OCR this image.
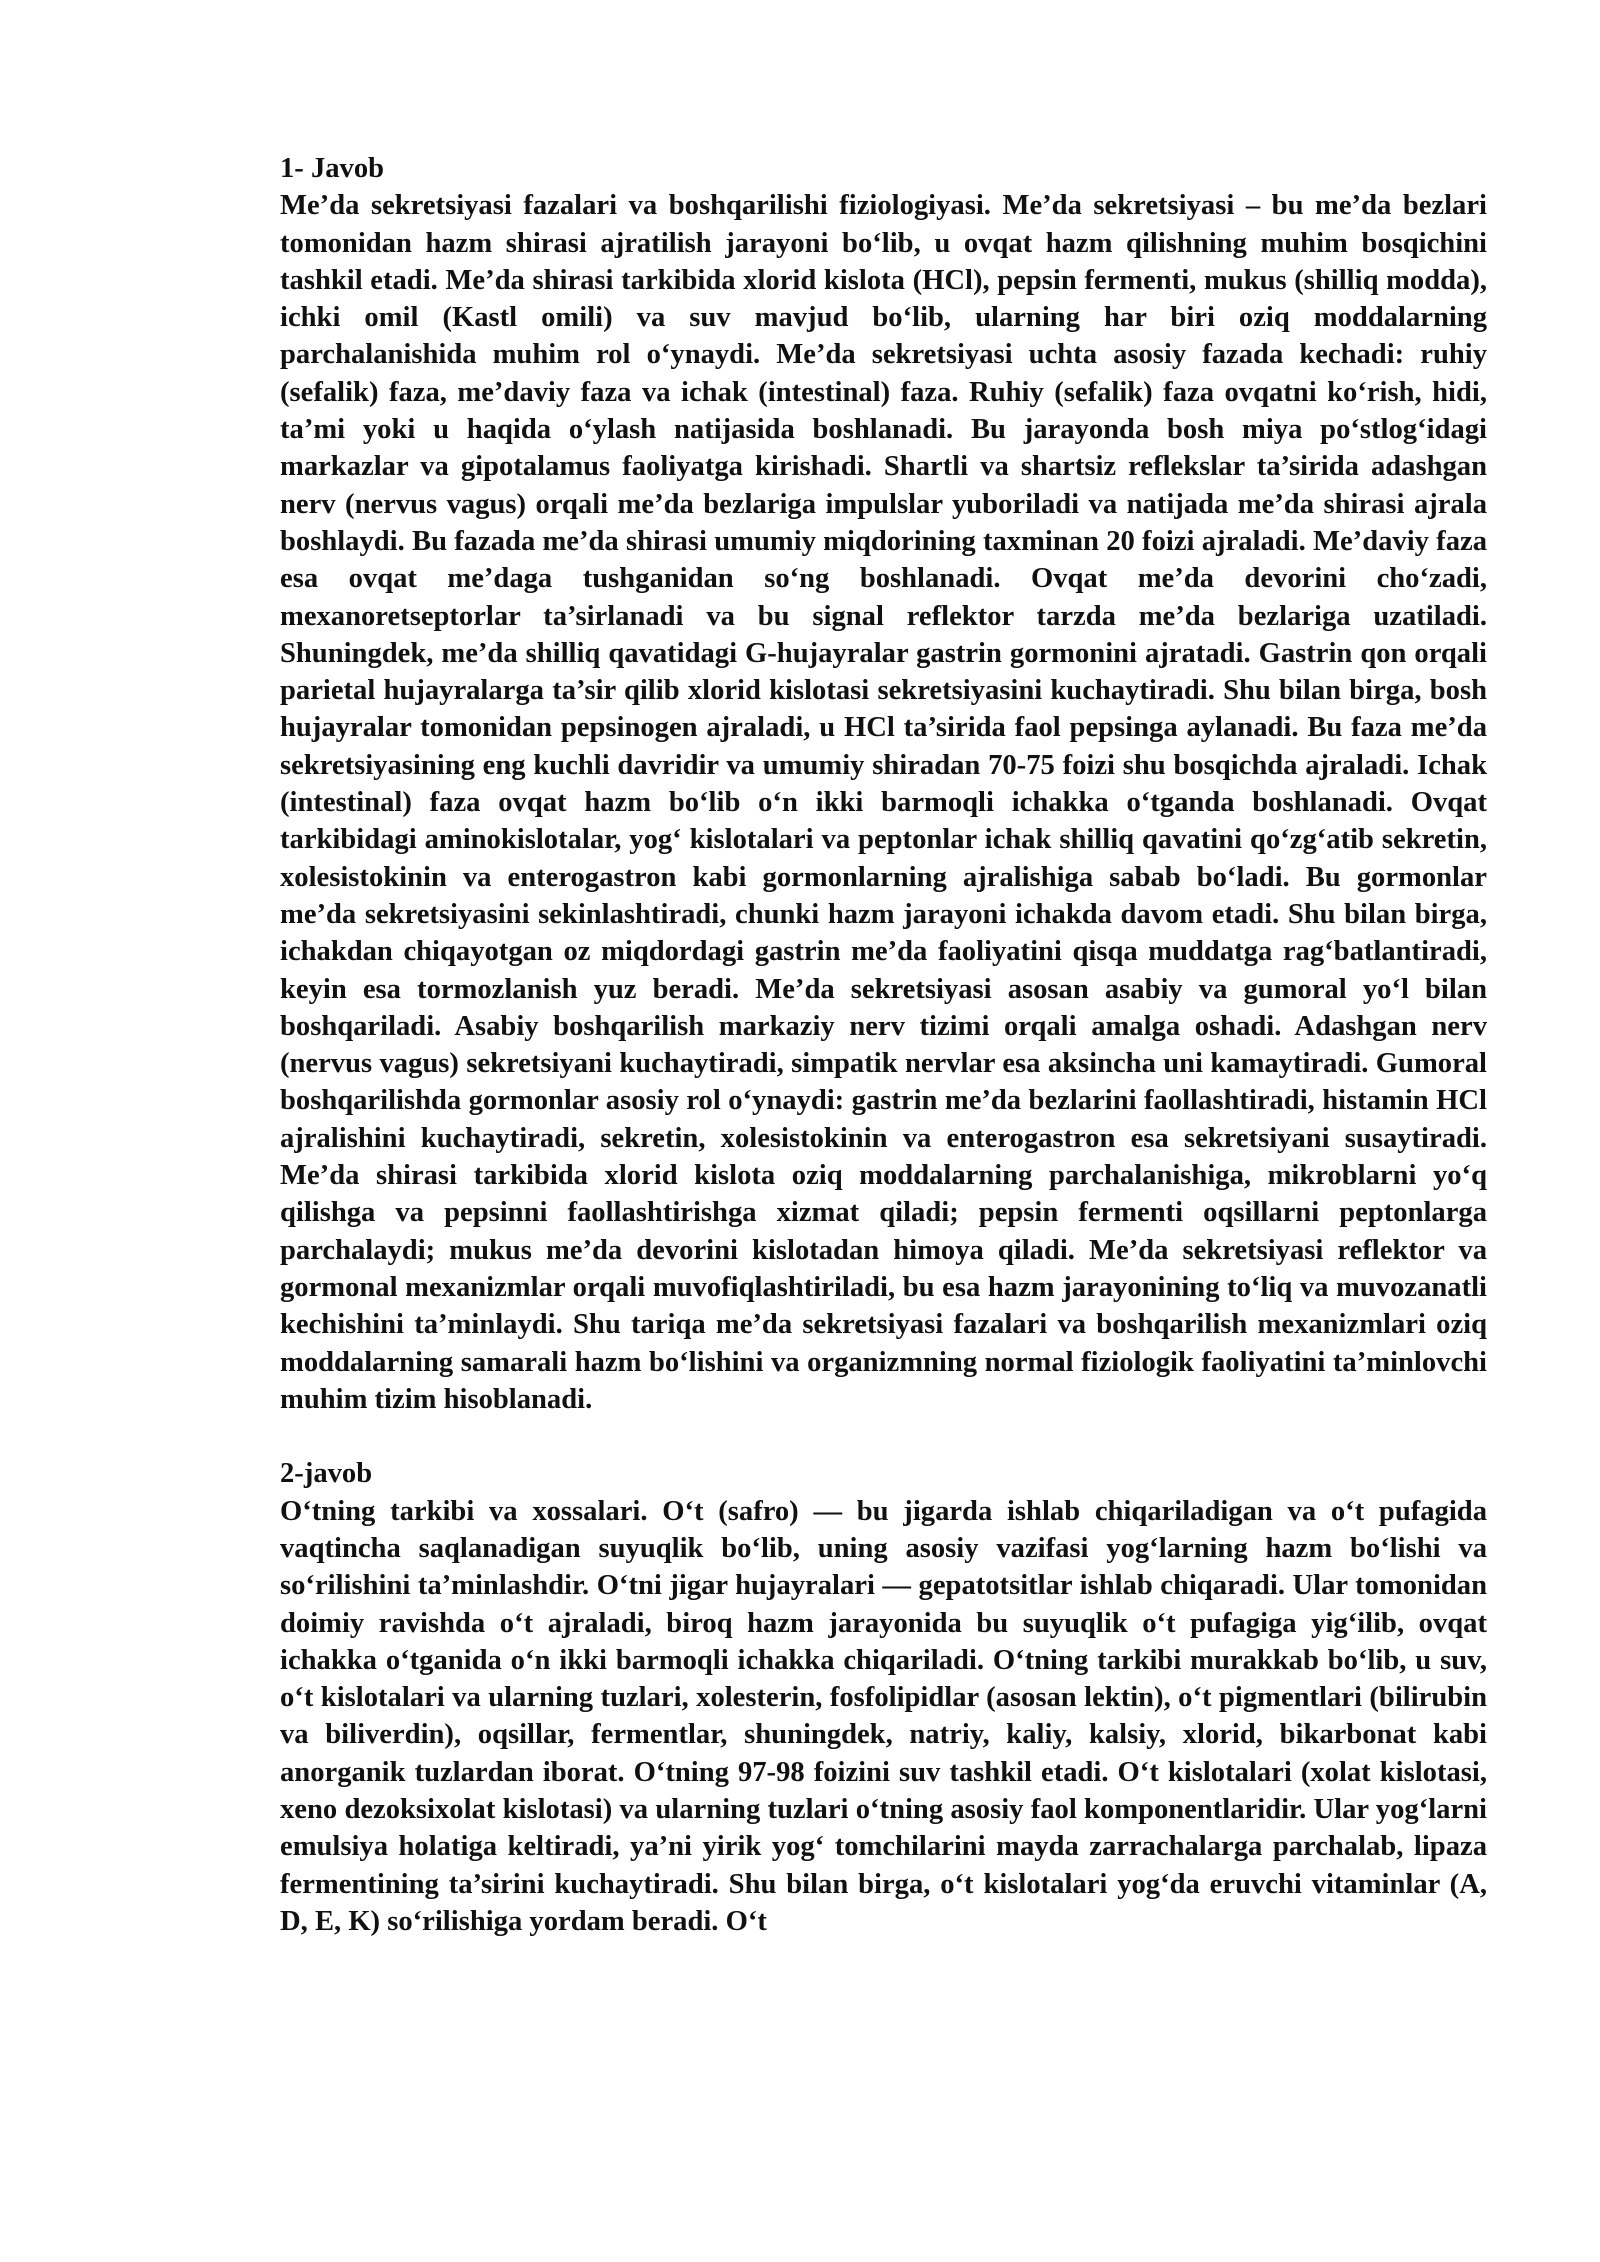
1- Javob

Me’da sekretsiyasi fazalari va boshqarilishi fiziologiyasi. Me’da sekretsiyasi – bu me’da bezlari tomonidan hazm shirasi ajratilish jarayoni bo‘lib, u ovqat hazm qilishning muhim bosqichini tashkil etadi. Me’da shirasi tarkibida xlorid kislota (HCl), pepsin fermenti, mukus (shilliq modda), ichki omil (Kastl omili) va suv mavjud bo‘lib, ularning har biri oziq moddalarning parchalanishida muhim rol o‘ynaydi. Me’da sekretsiyasi uchta asosiy fazada kechadi: ruhiy (sefalik) faza, me’daviy faza va ichak (intestinal) faza. Ruhiy (sefalik) faza ovqatni ko‘rish, hidi, ta’mi yoki u haqida o‘ylash natijasida boshlanadi. Bu jarayonda bosh miya po‘stlog‘idagi markazlar va gipotalamus faoliyatga kirishadi. Shartli va shartsiz reflekslar ta’sirida adashgan nerv (nervus vagus) orqali me’da bezlariga impulslar yuboriladi va natijada me’da shirasi ajrala boshlaydi. Bu fazada me’da shirasi umumiy miqdorining taxminan 20 foizi ajraladi. Me’daviy faza esa ovqat me’daga tushganidan so‘ng boshlanadi. Ovqat me’da devorini cho‘zadi, mexanoretseptorlar ta’sirlanadi va bu signal reflektor tarzda me’da bezlariga uzatiladi. Shuningdek, me’da shilliq qavatidagi G-hujayralar gastrin gormonini ajratadi. Gastrin qon orqali parietal hujayralarga ta’sir qilib xlorid kislotasi sekretsiyasini kuchaytiradi. Shu bilan birga, bosh hujayralar tomonidan pepsinogen ajraladi, u HCl ta’sirida faol pepsinga aylanadi. Bu faza me’da sekretsiyasining eng kuchli davridir va umumiy shiradan 70-75 foizi shu bosqichda ajraladi. Ichak (intestinal) faza ovqat hazm bo‘lib o‘n ikki barmoqli ichakka o‘tganda boshlanadi. Ovqat tarkibidagi aminokislotalar, yog‘ kislotalari va peptonlar ichak shilliq qavatini qo‘zg‘atib sekretin, xolesistokinin va enterogastron kabi gormonlarning ajralishiga sabab bo‘ladi. Bu gormonlar me’da sekretsiyasini sekinlashtiradi, chunki hazm jarayoni ichakda davom etadi. Shu bilan birga, ichakdan chiqayotgan oz miqdordagi gastrin me’da faoliyatini qisqa muddatga rag‘batlantiradi, keyin esa tormozlanish yuz beradi. Me’da sekretsiyasi asosan asabiy va gumoral yo‘l bilan boshqariladi. Asabiy boshqarilish markaziy nerv tizimi orqali amalga oshadi. Adashgan nerv (nervus vagus) sekretsiyani kuchaytiradi, simpatik nervlar esa aksincha uni kamaytiradi. Gumoral boshqarilishda gormonlar asosiy rol o‘ynaydi: gastrin me’da bezlarini faollashtiradi, histamin HCl ajralishini kuchaytiradi, sekretin, xolesistokinin va enterogastron esa sekretsiyani susaytiradi. Me’da shirasi tarkibida xlorid kislota oziq moddalarning parchalanishiga, mikroblarni yo‘q qilishga va pepsinni faollashtirishga xizmat qiladi; pepsin fermenti oqsillarni peptonlarga parchalaydi; mukus me’da devorini kislotadan himoya qiladi. Me’da sekretsiyasi reflektor va gormonal mexanizmlar orqali muvofiqlashtiriladi, bu esa hazm jarayonining to‘liq va muvozanatli kechishini ta’minlaydi. Shu tariqa me’da sekretsiyasi fazalari va boshqarilish mexanizmlari oziq moddalarning samarali hazm bo‘lishini va organizmning normal fiziologik faoliyatini ta’minlovchi muhim tizim hisoblanadi.

2-javob

O‘tning tarkibi va xossalari. O‘t (safro) — bu jigarda ishlab chiqariladigan va o‘t pufagida vaqtincha saqlanadigan suyuqlik bo‘lib, uning asosiy vazifasi yog‘larning hazm bo‘lishi va so‘rilishini ta’minlashdir. O‘tni jigar hujayralari — gepatotsitlar ishlab chiqaradi. Ular tomonidan doimiy ravishda o‘t ajraladi, biroq hazm jarayonida bu suyuqlik o‘t pufagiga yig‘ilib, ovqat ichakka o‘tganida o‘n ikki barmoqli ichakka chiqariladi. O‘tning tarkibi murakkab bo‘lib, u suv, o‘t kislotalari va ularning tuzlari, xolesterin, fosfolipidlar (asosan lektin), o‘t pigmentlari (bilirubin va biliverdin), oqsillar, fermentlar, shuningdek, natriy, kaliy, kalsiy, xlorid, bikarbonat kabi anorganik tuzlardan iborat. O‘tning 97-98 foizini suv tashkil etadi. O‘t kislotalari (xolat kislotasi, xeno dezoksixolat kislotasi) va ularning tuzlari o‘tning asosiy faol komponentlaridir. Ular yog‘larni emulsiya holatiga keltiradi, ya’ni yirik yog‘ tomchilarini mayda zarrachalarga parchalab, lipaza fermentining ta’sirini kuchaytiradi. Shu bilan birga, o‘t kislotalari yog‘da eruvchi vitaminlar (A, D, E, K) so‘rilishiga yordam beradi. O‘t
